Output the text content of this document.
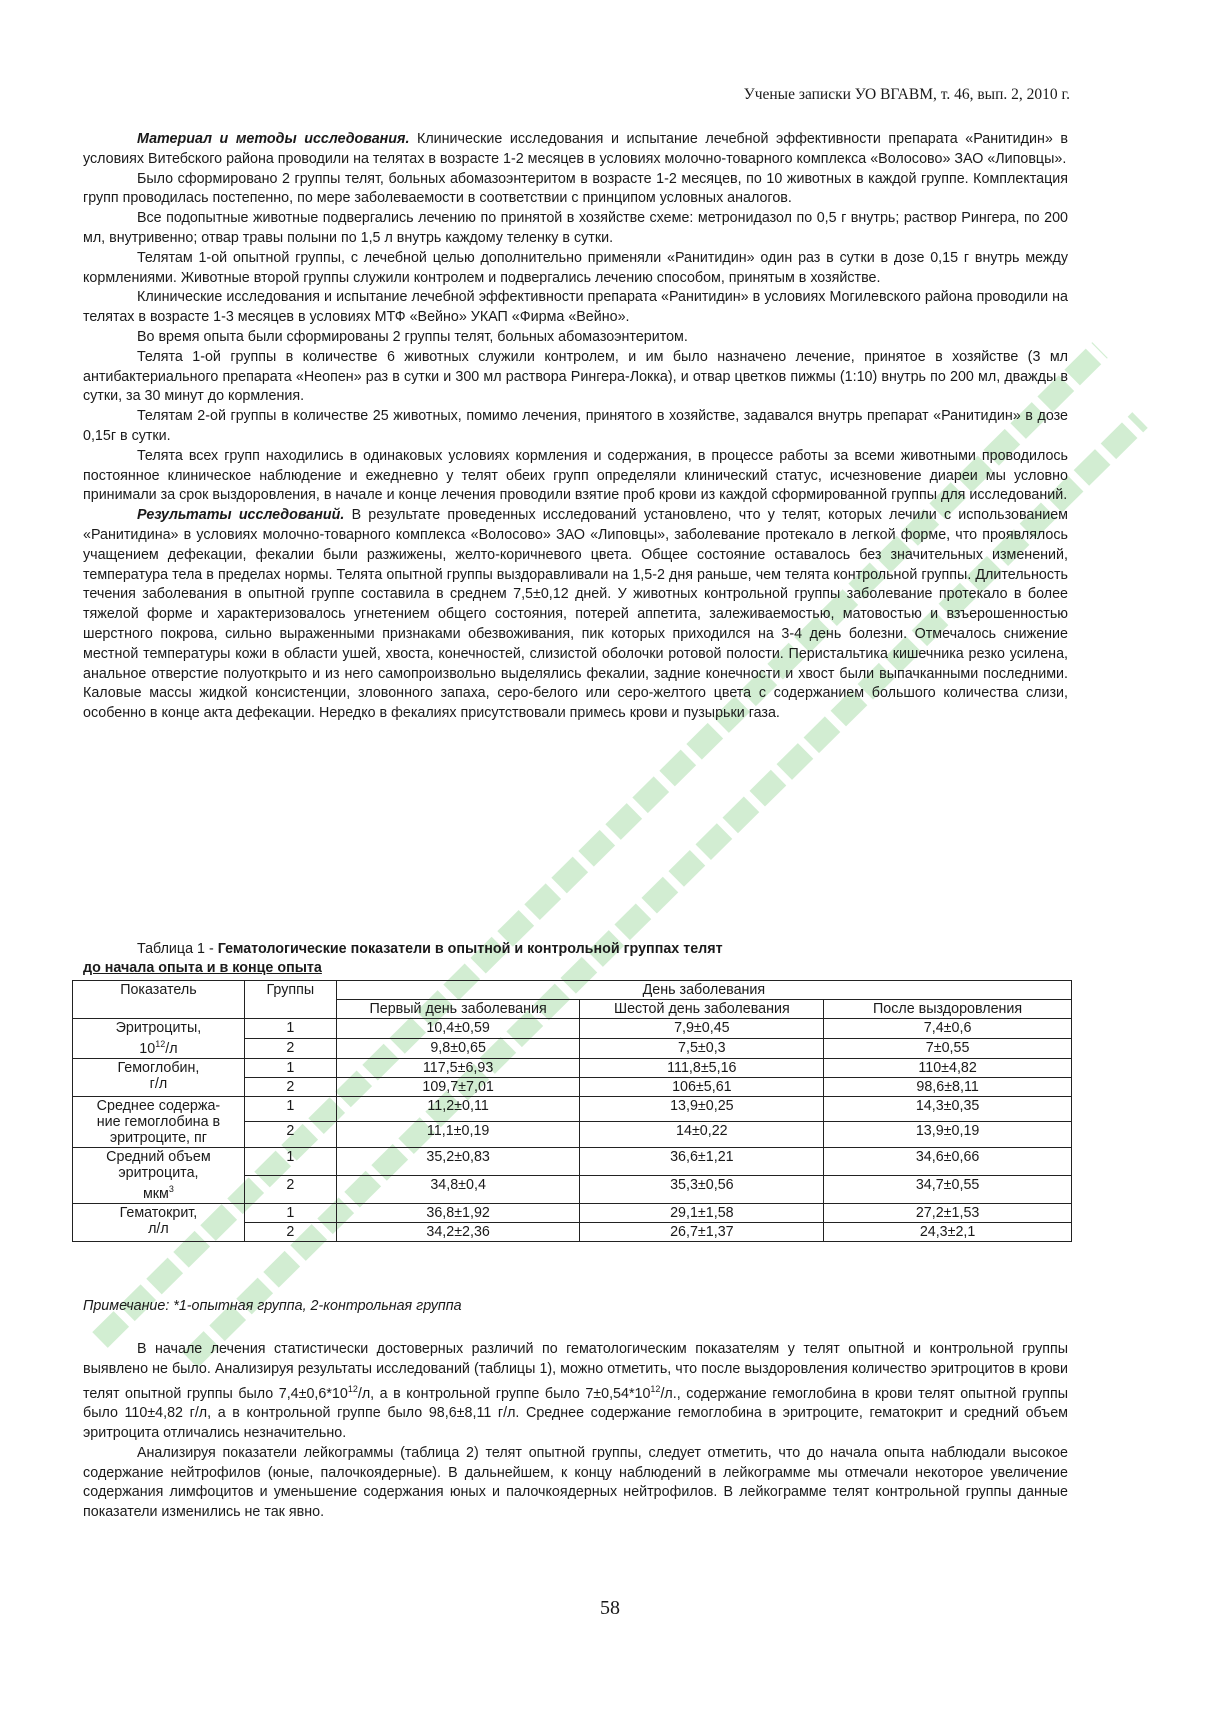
Ученые записки УО ВГАВМ, т. 46, вып. 2, 2010 г.

Материал и методы исследования. Клинические исследования и испытание лечебной эффективности препарата «Ранитидин» в условиях Витебского района проводили на телятах в возрасте 1-2 месяцев в условиях молочно-товарного комплекса «Волосово» ЗАО «Липовцы».

Было сформировано 2 группы телят, больных абомазоэнтеритом в возрасте 1-2 месяцев, по 10 животных в каждой группе. Комплектация групп проводилась постепенно, по мере заболеваемости в соответствии с принципом условных аналогов.

Все подопытные животные подвергались лечению по принятой в хозяйстве схеме: метронидазол по 0,5 г внутрь; раствор Рингера, по 200 мл, внутривенно; отвар травы полыни по 1,5 л внутрь каждому теленку в сутки.

Телятам 1-ой опытной группы, с лечебной целью дополнительно применяли «Ранитидин» один раз в сутки в дозе 0,15 г внутрь между кормлениями. Животные второй группы служили контролем и подвергались лечению способом, принятым в хозяйстве.

Клинические исследования и испытание лечебной эффективности препарата «Ранитидин» в условиях Могилевского района проводили на телятах в возрасте 1-3 месяцев в условиях МТФ «Вейно» УКАП «Фирма «Вейно».

Во время опыта были сформированы 2 группы телят, больных абомазоэнтеритом.

Телята 1-ой группы в количестве 6 животных служили контролем, и им было назначено лечение, принятое в хозяйстве (3 мл антибактериального препарата «Неопен» раз в сутки и 300 мл раствора Рингера-Локка), и отвар цветков пижмы (1:10) внутрь по 200 мл, дважды в сутки, за 30 минут до кормления.

Телятам 2-ой группы в количестве 25 животных, помимо лечения, принятого в хозяйстве, задавался внутрь препарат «Ранитидин» в дозе 0,15г в сутки.

Телята всех групп находились в одинаковых условиях кормления и содержания, в процессе работы за всеми животными проводилось постоянное клиническое наблюдение и ежедневно у телят обеих групп определяли клинический статус, исчезновение диареи мы условно принимали за срок выздоровления, в начале и конце лечения проводили взятие проб крови из каждой сформированной группы для исследований.

Результаты исследований. В результате проведенных исследований установлено, что у телят, которых лечили с использованием «Ранитидина» в условиях молочно-товарного комплекса «Волосово» ЗАО «Липовцы», заболевание протекало в легкой форме, что проявлялось учащением дефекации, фекалии были разжижены, желто-коричневого цвета. Общее состояние оставалось без значительных изменений, температура тела в пределах нормы. Телята опытной группы выздоравливали на 1,5-2 дня раньше, чем телята контрольной группы. Длительность течения заболевания в опытной группе составила в среднем 7,5±0,12 дней. У животных контрольной группы заболевание протекало в более тяжелой форме и характеризовалось угнетением общего состояния, потерей аппетита, залеживаемостью, матовостью и взъерошенностью шерстного покрова, сильно выраженными признаками обезвоживания, пик которых приходился на 3-4 день болезни. Отмечалось снижение местной температуры кожи в области ушей, хвоста, конечностей, слизистой оболочки ротовой полости. Перистальтика кишечника резко усилена, анальное отверстие полуоткрыто и из него самопроизвольно выделялись фекалии, задние конечности и хвост были выпачканными последними. Каловые массы жидкой консистенции, зловонного запаха, серо-белого или серо-желтого цвета с содержанием большого количества слизи, особенно в конце акта дефекации. Нередко в фекалиях присутствовали примесь крови и пузырьки газа.

Таблица 1 - Гематологические показатели в опытной и контрольной группах телят
до начала опыта и в конце опыта
Показатель	Группы	День заболевания		
		Первый день заболевания	Шестой день заболевания	После выздоровления
Эритроциты,
$10^{12}/л$	1	10,4±0,59	7,9±0,45	7,4±0,6
	2	9,8±0,65	7,5±0,3	7±0,55
Гемоглобин,
г/л	1	117,5±6,93	111,8±5,16	110±4,82
	2	109,7±7,01	106±5,61	98,6±8,11
Среднее содержа-
ние гемоглобина в
эритроците, пг	1	11,2±0,11	13,9±0,25	14,3±0,35
	2	11,1±0,19	14±0,22	13,9±0,19
Средний объем
эритроцита,
мкм$^3$	1	35,2±0,83	36,6±1,21	34,6±0,66
	2	34,8±0,4	35,3±0,56	34,7±0,55
Гематокрит,
л/л	1	36,8±1,92	29,1±1,58	27,2±1,53
	2	34,2±2,36	26,7±1,37	24,3±2,1
Примечание: *1-опытная группа, 2-контрольная группа

В начале лечения статистически достоверных различий по гематологическим показателям у телят опытной и контрольной группы выявлено не было. Анализируя результаты исследований (таблицы 1), можно отметить, что после выздоровления количество эритроцитов в крови телят опытной группы было $7,4\pm 0,6*10^{12}/л$, а в контрольной группе было $7\pm 0,54*10^{12}/л$., содержание гемоглобина в крови телят опытной группы было 110±4,82 г/л, а в контрольной группе было 98,6±8,11 г/л. Среднее содержание гемоглобина в эритроците, гематокрит и средний объем эритроцита отличались незначительно.

Анализируя показатели лейкограммы (таблица 2) телят опытной группы, следует отметить, что до начала опыта наблюдали высокое содержание нейтрофилов (юные, палочкоядерные). В дальнейшем, к концу наблюдений в лейкограмме мы отмечали некоторое увеличение содержания лимфоцитов и уменьшение содержания юных и палочкоядерных нейтрофилов. В лейкограмме телят контрольной группы данные показатели изменились не так явно.

58
